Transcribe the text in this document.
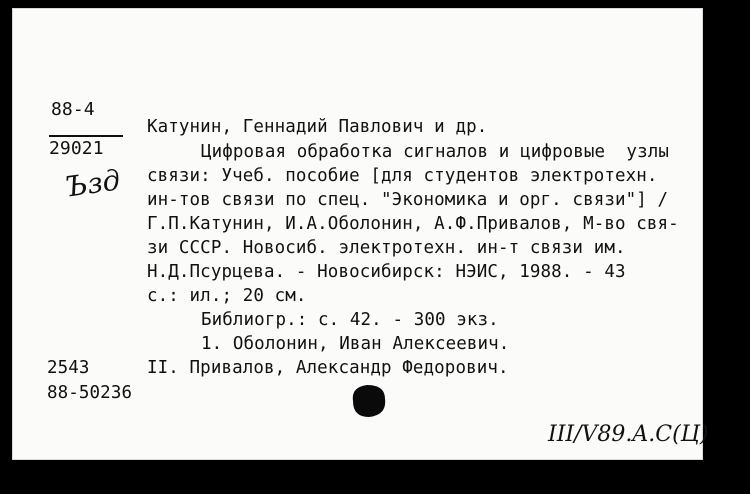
88-4
29021
Ъзд
Катунин, Геннадий Павлович и др.
Цифровая обработка сигналов и цифровые  узлы
связи: Учеб. пособие [для студентов электротехн.
ин-тов связи по спец. "Экономика и орг. связи"] /
Г.П.Катунин, И.А.Оболонин, А.Ф.Привалов, М-во свя-
зи СССР. Новосиб. электротехн. ин-т связи им.
Н.Д.Псурцева. - Новосибирск: НЭИС, 1988. - 43
с.: ил.; 20 см.
Библиогр.: с. 42. - 300 экз.
1. Оболонин, Иван Алексеевич.
II. Привалов, Александр Федорович.
2543
88-50236
III/V89.A.C(Ц)
